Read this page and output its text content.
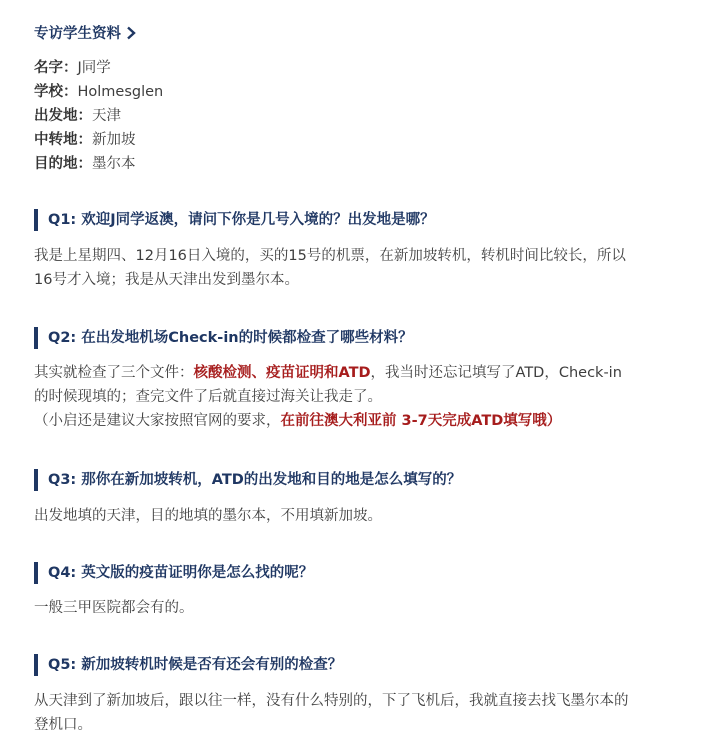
专访学生资料
名字：J同学
学校：Holmesglen
出发地：天津
中转地：新加坡
目的地：墨尔本
Q1: 欢迎J同学返澳，请问下你是几号入境的？出发地是哪？
我是上星期四、12月16日入境的，买的15号的机票，在新加坡转机，转机时间比较长，所以
16号才入境；我是从天津出发到墨尔本。
Q2: 在出发地机场Check-in的时候都检查了哪些材料？
其实就检查了三个文件：核酸检测、疫苗证明和ATD，我当时还忘记填写了ATD，Check-in
的时候现填的；查完文件了后就直接过海关让我走了。
（小启还是建议大家按照官网的要求，在前往澳大利亚前 3-7天完成ATD填写哦）
Q3: 那你在新加坡转机，ATD的出发地和目的地是怎么填写的？
出发地填的天津，目的地填的墨尔本，不用填新加坡。
Q4: 英文版的疫苗证明你是怎么找的呢？
一般三甲医院都会有的。
Q5: 新加坡转机时候是否有还会有别的检查？
从天津到了新加坡后，跟以往一样，没有什么特别的，下了飞机后，我就直接去找飞墨尔本的
登机口。
